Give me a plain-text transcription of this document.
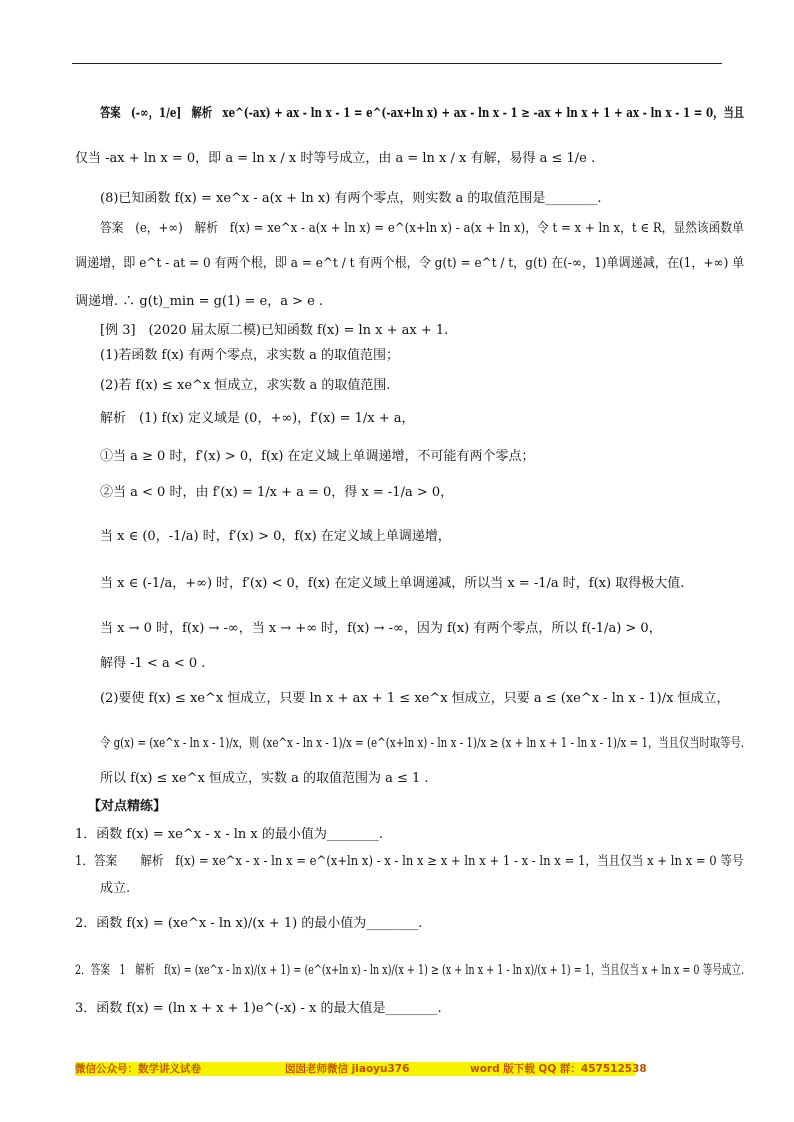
答案　(-∞，1/e]　解析　xe^(-ax) + ax - ln x - 1 = e^(-ax+ln x) + ax - ln x - 1 ≥ -ax + ln x + 1 + ax - ln x - 1 = 0，当且
仅当 -ax + ln x = 0，即 a = ln x / x 时等号成立，由 a = ln x / x 有解，易得 a ≤ 1/e .
(8)已知函数 f(x) = xe^x - a(x + ln x) 有两个零点，则实数 a 的取值范围是________.
答案　(e，+∞)　解析　f(x) = xe^x - a(x + ln x) = e^(x+ln x) - a(x + ln x)，令 t = x + ln x，t ∈ R，显然该函数单
调递增，即 e^t - at = 0 有两个根，即 a = e^t / t 有两个根，令 g(t) = e^t / t，g(t) 在(-∞，1)单调递减，在(1，+∞) 单
调递增. ∴ g(t)_min = g(1) = e，a > e .
[例 3]　(2020 届太原二模)已知函数 f(x) = ln x + ax + 1.
(1)若函数 f(x) 有两个零点，求实数 a 的取值范围；
(2)若 f(x) ≤ xe^x 恒成立，求实数 a 的取值范围.
解析　(1) f(x) 定义域是 (0，+∞)，f′(x) = 1/x + a，
①当 a ≥ 0 时，f′(x) > 0，f(x) 在定义域上单调递增，不可能有两个零点；
②当 a < 0 时，由 f′(x) = 1/x + a = 0，得 x = -1/a > 0，
当 x ∈ (0，-1/a) 时，f′(x) > 0，f(x) 在定义域上单调递增，
当 x ∈ (-1/a，+∞) 时，f′(x) < 0，f(x) 在定义域上单调递减，所以当 x = -1/a 时，f(x) 取得极大值.
当 x → 0 时，f(x) → -∞，当 x → +∞ 时，f(x) → -∞，因为 f(x) 有两个零点，所以 f(-1/a) > 0，
解得 -1 < a < 0 .
(2)要使 f(x) ≤ xe^x 恒成立，只要 ln x + ax + 1 ≤ xe^x 恒成立，只要 a ≤ (xe^x - ln x - 1)/x 恒成立，
令 g(x) = (xe^x - ln x - 1)/x，则 (xe^x - ln x - 1)/x = (e^(x+ln x) - ln x - 1)/x ≥ (x + ln x + 1 - ln x - 1)/x = 1，当且仅当时取等号.
所以 f(x) ≤ xe^x 恒成立，实数 a 的取值范围为 a ≤ 1 .
【对点精练】
1．函数 f(x) = xe^x - x - ln x 的最小值为________.
1．答案　　解析　f(x) = xe^x - x - ln x = e^(x+ln x) - x - ln x ≥ x + ln x + 1 - x - ln x = 1，当且仅当 x + ln x = 0 等号
成立.
2．函数 f(x) = (xe^x - ln x)/(x + 1) 的最小值为________.
2．答案　1　解析　f(x) = (xe^x - ln x)/(x + 1) = (e^(x+ln x) - ln x)/(x + 1) ≥ (x + ln x + 1 - ln x)/(x + 1) = 1，当且仅当 x + ln x = 0 等号成立.
3．函数 f(x) = (ln x + x + 1)e^(-x) - x 的最大值是________.
微信公众号：数学讲义试卷	囡囡老师微信 jiaoyu376	word 版下载 QQ 群：457512538
